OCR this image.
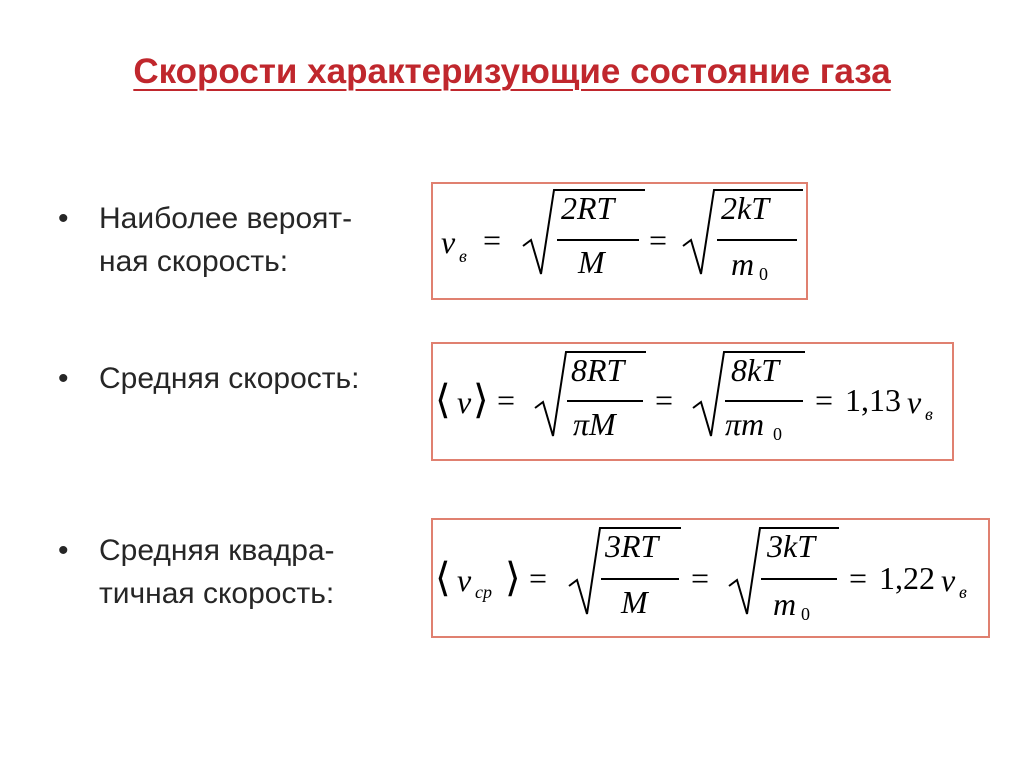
Скорости характеризующие состояние газа
• Наиболее вероят-
ная скорость:
• Средняя скорость:
• Средняя квадра-
тичная скорость:
v в =
2RT
M
=
2kT
m 0
⟨ v ⟩ =
8RT
πM
=
8kT
πm 0
= 1,13 v в
⟨ v ср ⟩ =
3RT
M
=
3kT
m 0
= 1,22 v в
